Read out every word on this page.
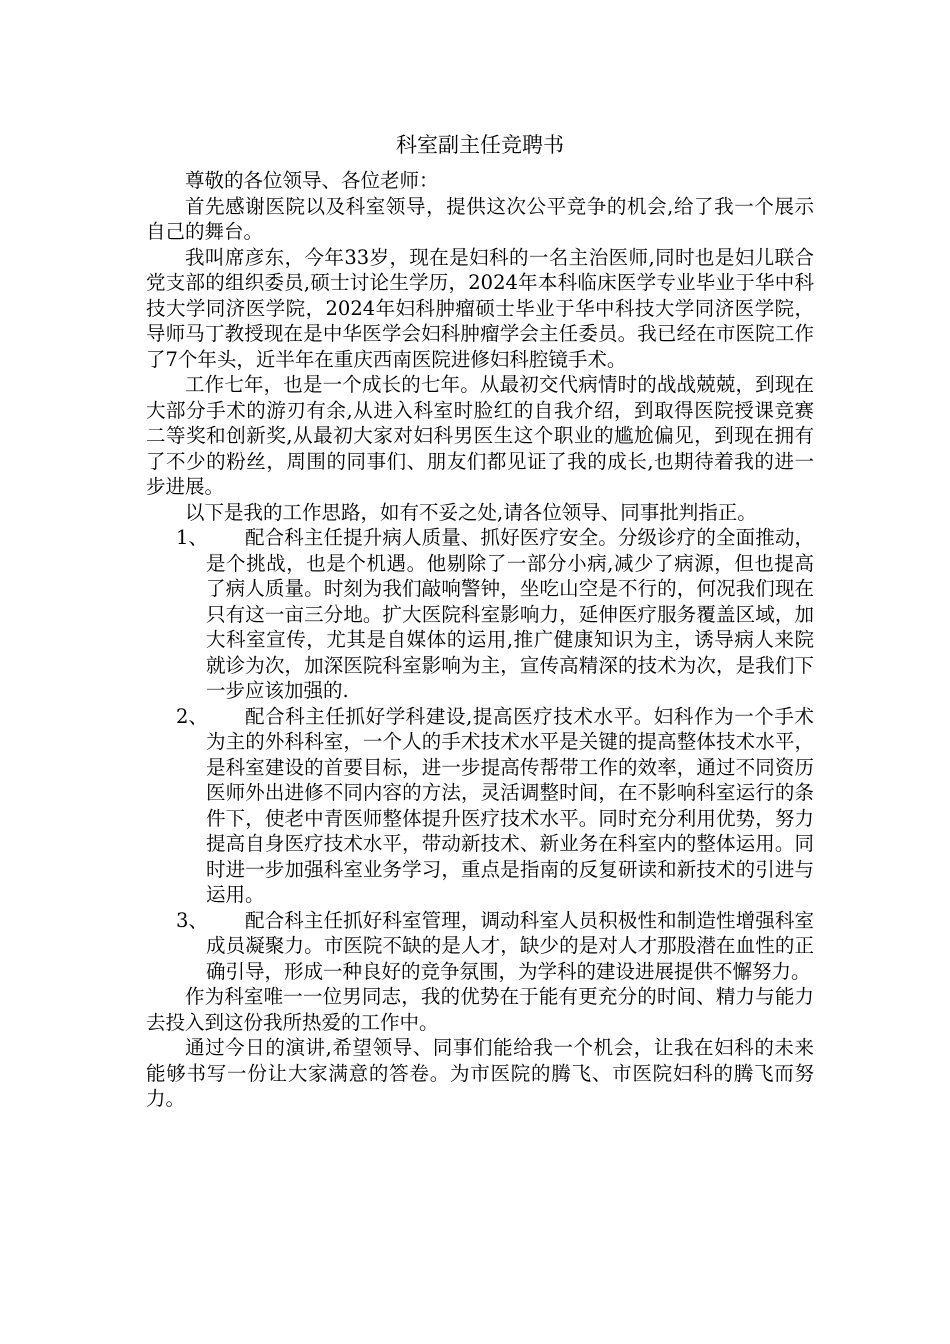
科室副主任竞聘书

尊敬的各位领导、各位老师：

首先感谢医院以及科室领导，提供这次公平竞争的机会,给了我一个展示自己的舞台。

我叫席彦东，今年33岁，现在是妇科的一名主治医师,同时也是妇儿联合党支部的组织委员,硕士讨论生学历，2024年本科临床医学专业毕业于华中科技大学同济医学院，2024年妇科肿瘤硕士毕业于华中科技大学同济医学院，导师马丁教授现在是中华医学会妇科肿瘤学会主任委员。我已经在市医院工作了7个年头，近半年在重庆西南医院进修妇科腔镜手术。

工作七年，也是一个成长的七年。从最初交代病情时的战战兢兢，到现在大部分手术的游刃有余,从进入科室时脸红的自我介绍，到取得医院授课竞赛二等奖和创新奖,从最初大家对妇科男医生这个职业的尴尬偏见，到现在拥有了不少的粉丝，周围的同事们、朋友们都见证了我的成长,也期待着我的进一步进展。

以下是我的工作思路，如有不妥之处,请各位领导、同事批判指正。

1、	配合科主任提升病人质量、抓好医疗安全。分级诊疗的全面推动，是个挑战，也是个机遇。他剔除了一部分小病,减少了病源，但也提高了病人质量。时刻为我们敲响警钟，坐吃山空是不行的，何况我们现在只有这一亩三分地。扩大医院科室影响力，延伸医疗服务覆盖区域，加大科室宣传，尤其是自媒体的运用,推广健康知识为主，诱导病人来院就诊为次，加深医院科室影响为主，宣传高精深的技术为次，是我们下一步应该加强的.
2、	配合科主任抓好学科建设,提高医疗技术水平。妇科作为一个手术为主的外科科室，一个人的手术技术水平是关键的提高整体技术水平，是科室建设的首要目标，进一步提高传帮带工作的效率，通过不同资历医师外出进修不同内容的方法，灵活调整时间，在不影响科室运行的条件下，使老中青医师整体提升医疗技术水平。同时充分利用优势，努力提高自身医疗技术水平，带动新技术、新业务在科室内的整体运用。同时进一步加强科室业务学习，重点是指南的反复研读和新技术的引进与运用。
3、	配合科主任抓好科室管理，调动科室人员积极性和制造性增强科室成员凝聚力。市医院不缺的是人才，缺少的是对人才那股潜在血性的正确引导，形成一种良好的竞争氛围，为学科的建设进展提供不懈努力。

作为科室唯一一位男同志，我的优势在于能有更充分的时间、精力与能力去投入到这份我所热爱的工作中。

通过今日的演讲,希望领导、同事们能给我一个机会，让我在妇科的未来能够书写一份让大家满意的答卷。为市医院的腾飞、市医院妇科的腾飞而努力。
